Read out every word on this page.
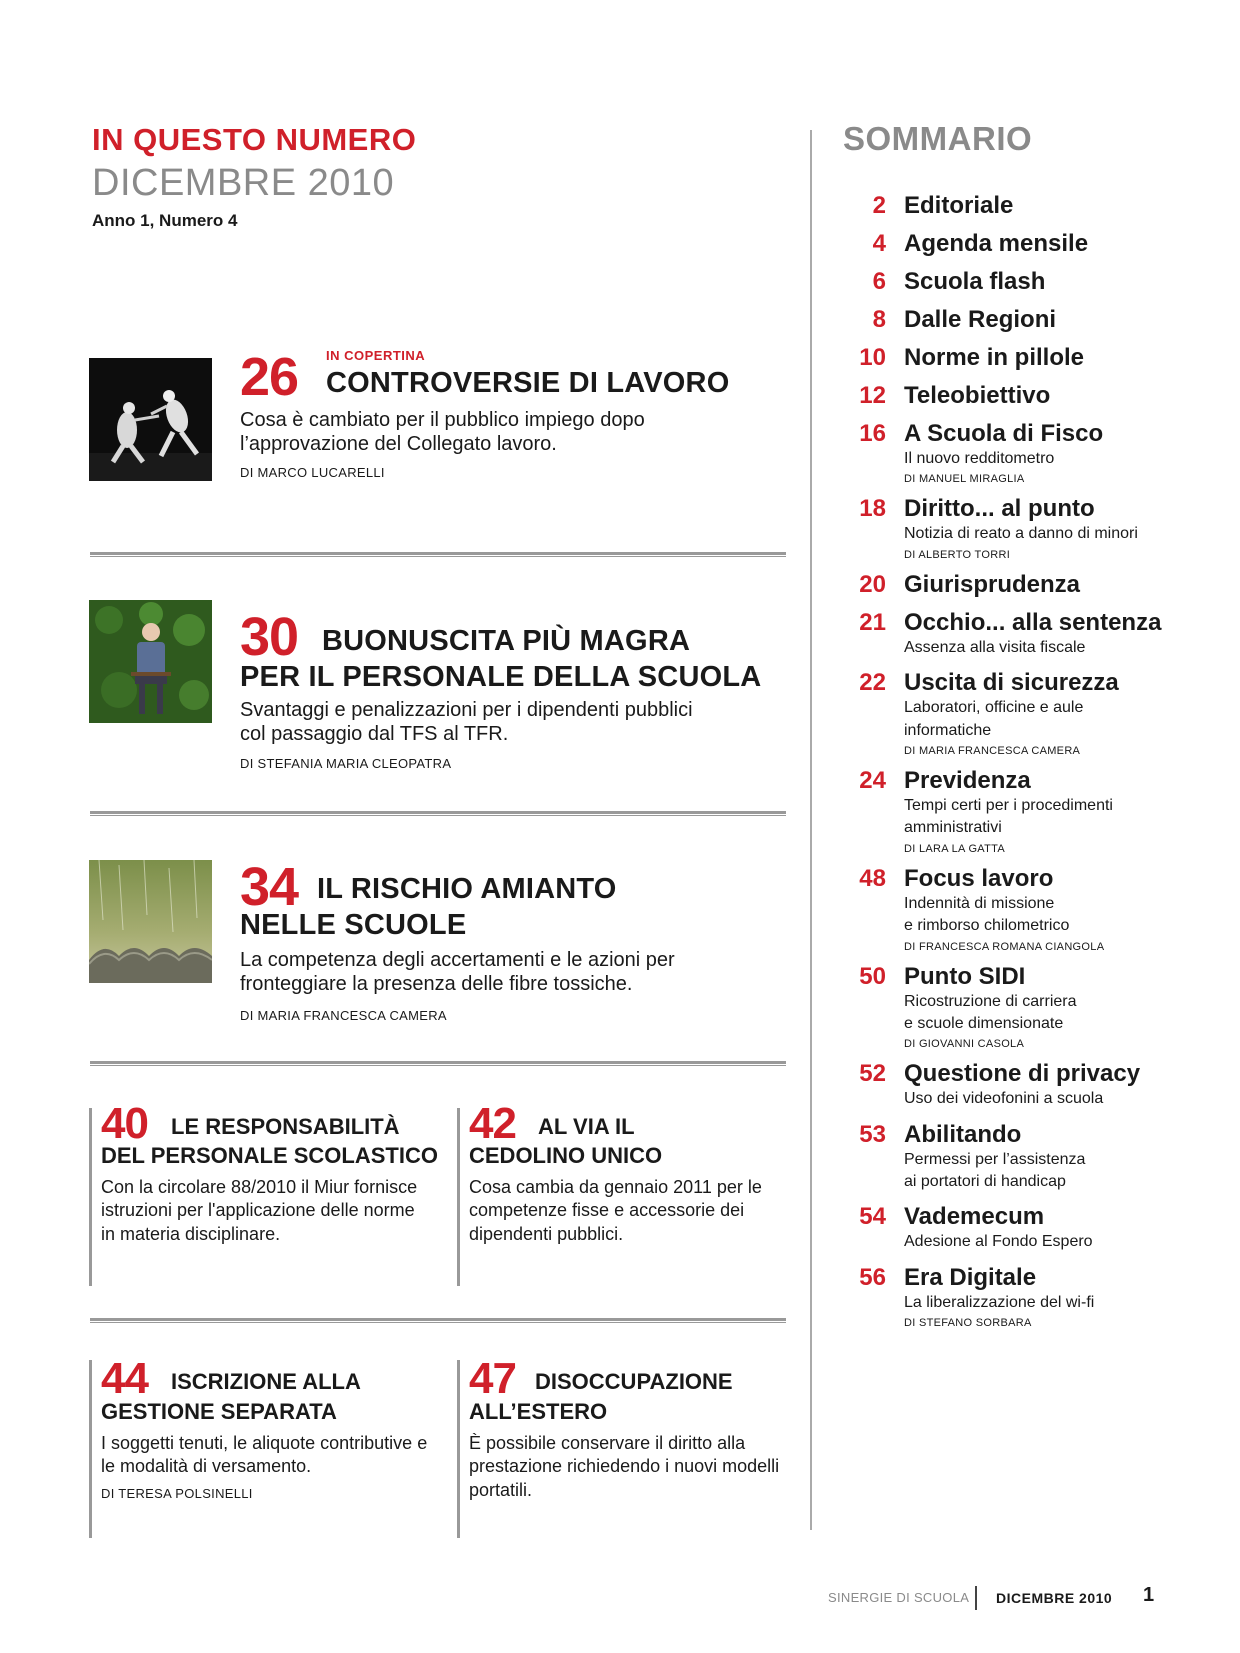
IN QUESTO NUMERO
DICEMBRE 2010
Anno 1, Numero 4
26 IN COPERTINA
CONTROVERSIE DI LAVORO
Cosa è cambiato per il pubblico impiego dopo l’approvazione del Collegato lavoro.
DI MARCO LUCARELLI
30 BUONUSCITA PIÙ MAGRA
PER IL PERSONALE DELLA SCUOLA
Svantaggi e penalizzazioni per i dipendenti pubblici col passaggio dal TFS al TFR.
DI STEFANIA MARIA CLEOPATRA
34 IL RISCHIO AMIANTO
NELLE SCUOLE
La competenza degli accertamenti e le azioni per fronteggiare la presenza delle fibre tossiche.
DI MARIA FRANCESCA CAMERA
40 LE RESPONSABILITÀ
DEL PERSONALE SCOLASTICO
Con la circolare 88/2010 il Miur fornisce istruzioni per l'applicazione delle norme in materia disciplinare.
42 AL VIA IL
CEDOLINO UNICO
Cosa cambia da gennaio 2011 per le competenze fisse e accessorie dei dipendenti pubblici.
44 ISCRIZIONE ALLA
GESTIONE SEPARATA
I soggetti tenuti, le aliquote contributive e le modalità di versamento.
DI TERESA POLSINELLI
47 DISOCCUPAZIONE
ALL’ESTERO
È possibile conservare il diritto alla prestazione richiedendo i nuovi modelli portatili.
SOMMARIO
2 Editoriale
4 Agenda mensile
6 Scuola flash
8 Dalle Regioni
10 Norme in pillole
12 Teleobiettivo
16 A Scuola di Fisco
Il nuovo redditometro
DI MANUEL MIRAGLIA
18 Diritto... al punto
Notizia di reato a danno di minori
DI ALBERTO TORRI
20 Giurisprudenza
21 Occhio... alla sentenza
Assenza alla visita fiscale
22 Uscita di sicurezza
Laboratori, officine e aule
informatiche
DI MARIA FRANCESCA CAMERA
24 Previdenza
Tempi certi per i procedimenti
amministrativi
DI LARA LA GATTA
48 Focus lavoro
Indennità di missione
e rimborso chilometrico
DI FRANCESCA ROMANA CIANGOLA
50 Punto SIDI
Ricostruzione di carriera
e scuole dimensionate
DI GIOVANNI CASOLA
52 Questione di privacy
Uso dei videofonini a scuola
53 Abilitando
Permessi per l’assistenza
ai portatori di handicap
54 Vademecum
Adesione al Fondo Espero
56 Era Digitale
La liberalizzazione del wi-fi
DI STEFANO SORBARA
SINERGIE DI SCUOLA DICEMBRE 2010 1
